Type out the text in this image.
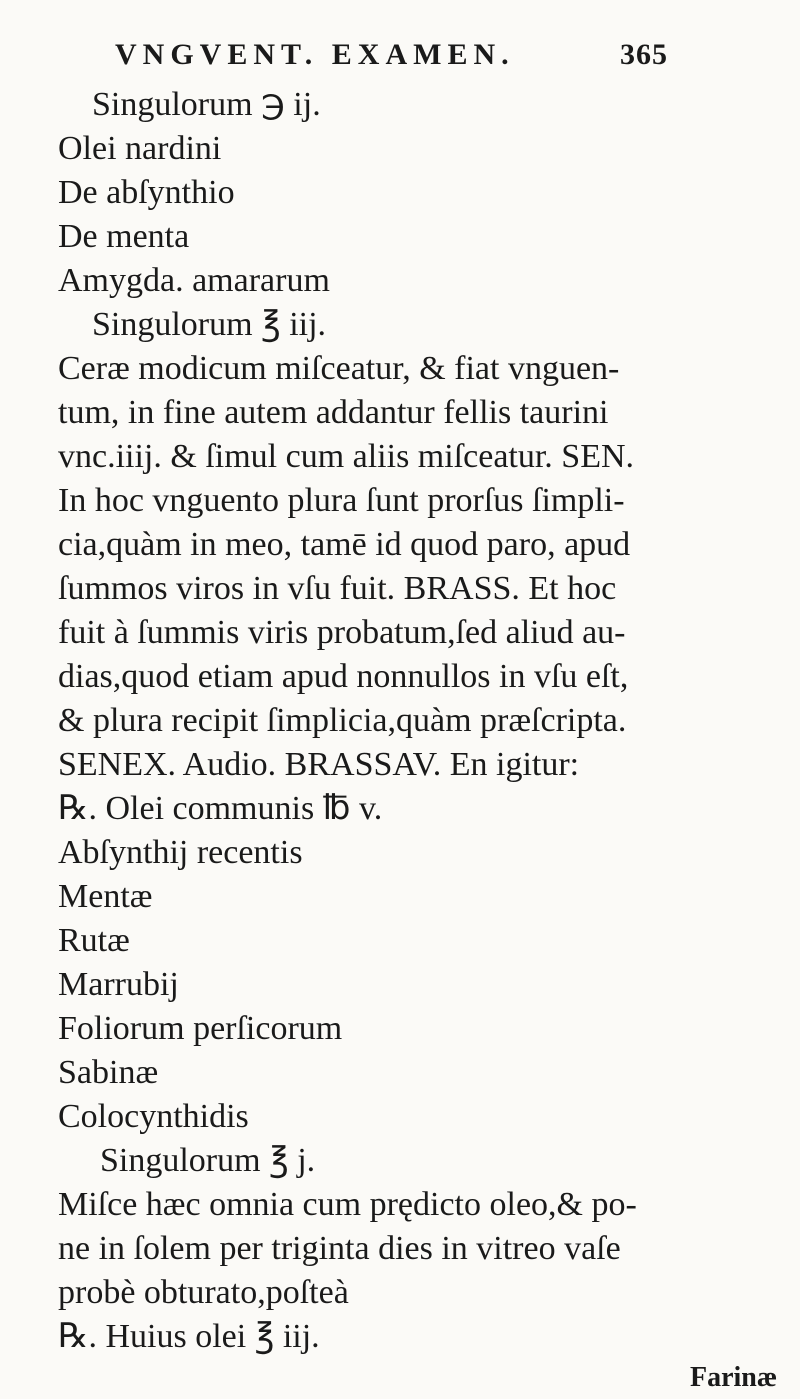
VNGVENT. EXAMEN.	365
Singulorum ℈ ij.
Olei nardini
De abſynthio
De menta
Amygda. amararum
Singulorum ℥ iij.
Ceræ modicum miſceatur, & fiat vnguen-
tum, in fine autem addantur fellis taurini
vnc.iiij. & ſimul cum aliis miſceatur. SEN.
In hoc vnguento plura ſunt prorſus ſimpli-
cia,quàm in meo, tamē id quod paro, apud
ſummos viros in vſu fuit. BRASS. Et hoc
fuit à ſummis viris probatum,ſed aliud au-
dias,quod etiam apud nonnullos in vſu eſt,
& plura recipit ſimplicia,quàm præſcripta.
SENEX. Audio. BRASSAV. En igitur:
℞. Olei communis ℔ v.
Abſynthij recentis
Mentæ
Rutæ
Marrubij
Foliorum perſicorum
Sabinæ
Colocynthidis
Singulorum ℥ j.
Miſce hæc omnia cum prędicto oleo,& po-
ne in ſolem per triginta dies in vitreo vaſe
probè obturato,poſteà
℞. Huius olei ℥ iij.
Farinæ
